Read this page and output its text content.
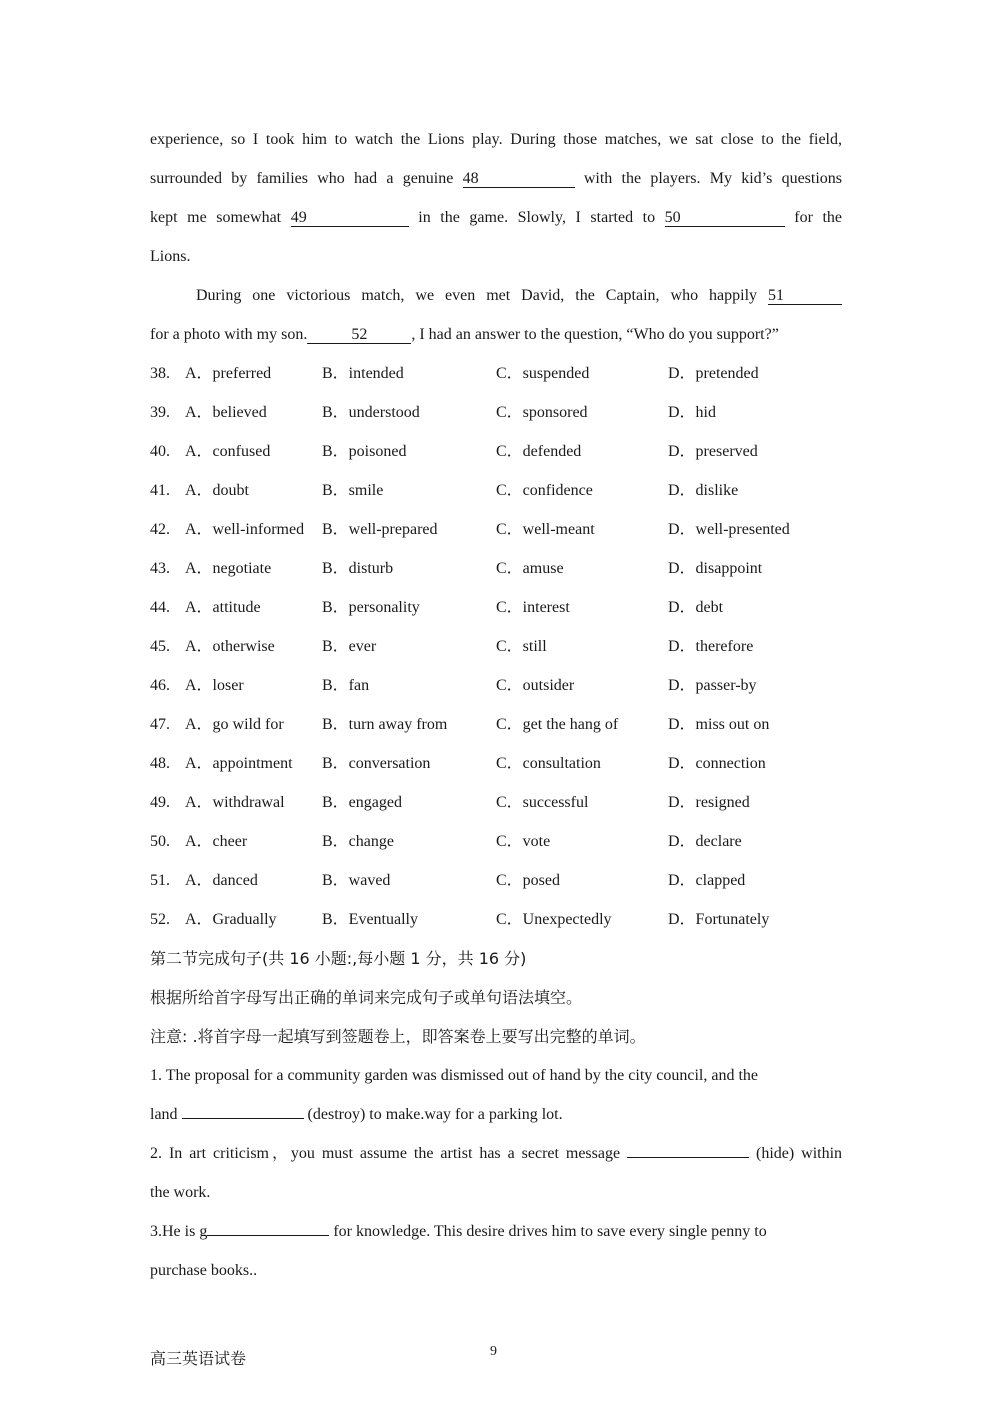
experience, so I took him to watch the Lions play. During those matches, we sat close to the field,
surrounded by families who had a genuine 48	with the players. My kid’s questions
kept me somewhat 49	in the game. Slowly, I started to 50	for the
Lions.
During one victorious match, we even met David, the Captain, who happily 51
for a photo with my son.	52	, I had an answer to the question, “Who do you support?”
38. A．preferred	B．intended	C．suspended	D．pretended
39. A．believed	B．understood	C．sponsored	D．hid
40. A．confused	B．poisoned	C．defended	D．preserved
41. A．doubt	B．smile	C．confidence	D．dislike
42. A．well-informed B．well-prepared	C．well-meant	D．well-presented
43. A．negotiate	B．disturb	C．amuse	D．disappoint
44. A．attitude	B．personality	C．interest	D．debt
45. A．otherwise	B．ever	C．still	D．therefore
46. A．loser	B．fan	C．outsider	D．passer-by
47. A．go wild for B．turn away from	C．get the hang of	D．miss out on
48. A．appointment B．conversation	C．consultation	D．connection
49. A．withdrawal B．engaged	C．successful	D．resigned
50. A．cheer	B．change	C．vote	D．declare
51. A．danced	B．waved	C．posed	D．clapped
52. A．Gradually	B．Eventually	C．Unexpectedly	D．Fortunately
第二节完成句子(共 16 小题:,每小题 1 分，共 16 分)
根据所给首字母写出正确的单词来完成句子或单句语法填空。
注意: .将首字母一起填写到签题卷上，即答案卷上要写出完整的单词。
1. The proposal for a community garden was dismissed out of hand by the city council, and the
land	(destroy) to make.way for a parking lot.
2. In art criticism，you must assume the artist has a secret message	(hide) within
the work.
3.He is g	for knowledge. This desire drives him to save every single penny to
purchase books..
高三英语试卷	9
